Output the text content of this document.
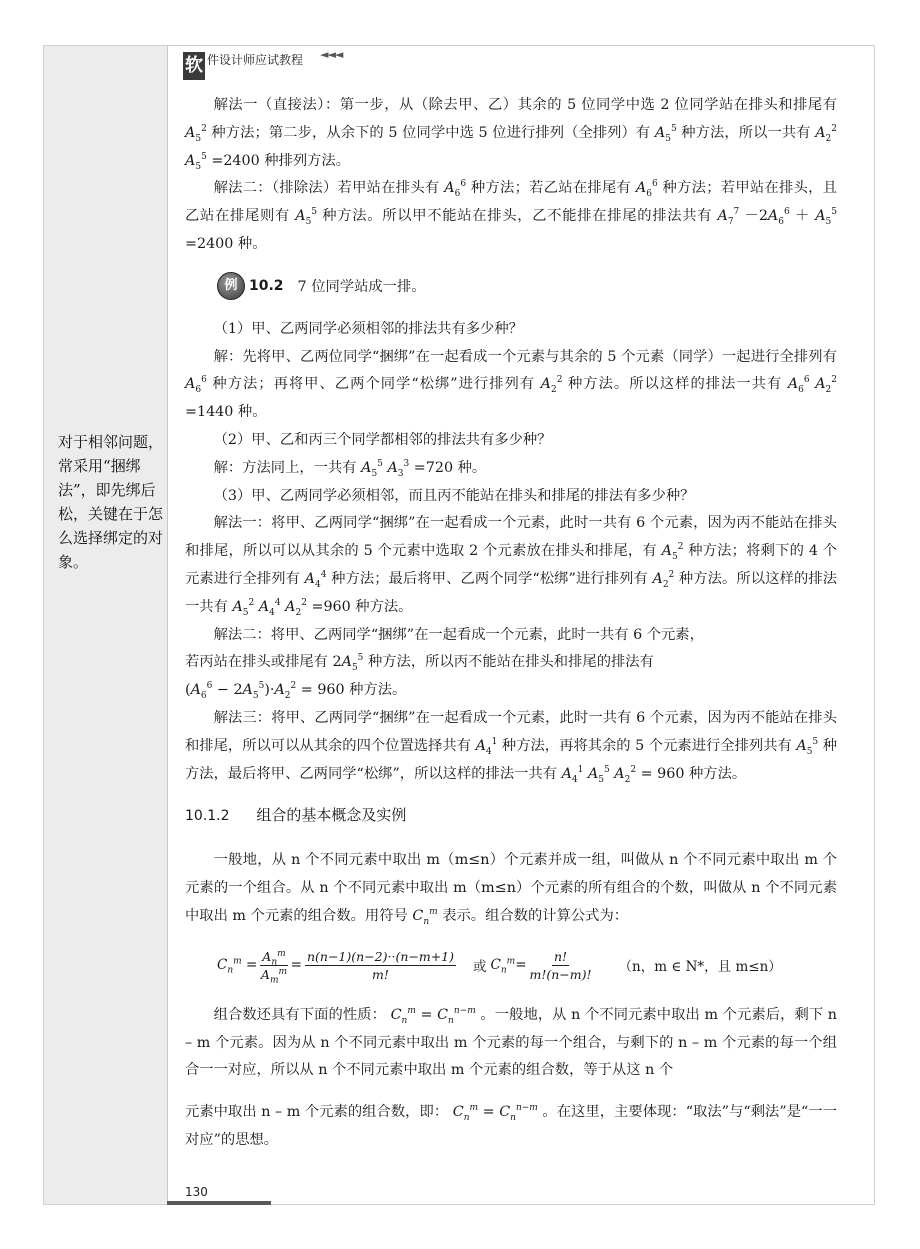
对于相邻问题，常采用“捆绑法”，即先绑后松，关键在于怎么选择绑定的对象。
软 件设计师应试教程 ◄◄◄

解法一（直接法）：第一步，从（除去甲、乙）其余的 5 位同学中选 2 位同学站在排头和排尾有 $A_5^2$ 种方法；第二步，从余下的 5 位同学中选 5 位进行排列（全排列）有 $A_5^5$ 种方法，所以一共有 $A_2^2$ $A_5^5 =2400$ 种排列方法。

解法二：（排除法）若甲站在排头有 $A_6^6$ 种方法；若乙站在排尾有 $A_6^6$ 种方法；若甲站在排头，且乙站在排尾则有 $A_5^5$ 种方法。所以甲不能站在排头，乙不能排在排尾的排法共有 $A_7^7 -2A_6^6 + A_5^5 =2400$ 种。

例 10.2 7 位同学站成一排。

（1）甲、乙两同学必须相邻的排法共有多少种？

解：先将甲、乙两位同学“捆绑”在一起看成一个元素与其余的 5 个元素（同学）一起进行全排列有 $A_6^6$ 种方法；再将甲、乙两个同学“松绑”进行排列有 $A_2^2$ 种方法。所以这样的排法一共有 $A_6^6$ $A_2^2 =1440$ 种。

（2）甲、乙和丙三个同学都相邻的排法共有多少种？

解：方法同上，一共有 $A_5^5$ $A_3^3 =720$ 种。

（3）甲、乙两同学必须相邻，而且丙不能站在排头和排尾的排法有多少种？

解法一：将甲、乙两同学“捆绑”在一起看成一个元素，此时一共有 6 个元素，因为丙不能站在排头和排尾，所以可以从其余的 5 个元素中选取 2 个元素放在排头和排尾，有 $A_5^2$ 种方法；将剩下的 4 个元素进行全排列有 $A_4^4$ 种方法；最后将甲、乙两个同学“松绑”进行排列有 $A_2^2$ 种方法。所以这样的排法一共有 $A_5^2$ $A_4^4$ $A_2^2 =960$ 种方法。

解法二：将甲、乙两同学“捆绑”在一起看成一个元素，此时一共有 6 个元素，
若丙站在排头或排尾有 $2A_5^5$ 种方法，所以丙不能站在排头和排尾的排法有
$(A_6^6 - 2A_5^5)\cdot A_2^2 = 960$ 种方法。

解法三：将甲、乙两同学“捆绑”在一起看成一个元素，此时一共有 6 个元素，因为丙不能站在排头和排尾，所以可以从其余的四个位置选择共有 $A_4^1$ 种方法，再将其余的 5 个元素进行全排列共有 $A_5^5$ 种方法，最后将甲、乙两同学“松绑”，所以这样的排法一共有 $A_4^1$ $A_5^5$ $A_2^2 = 960$ 种方法。

10.1.2 组合的基本概念及实例

一般地，从 n 个不同元素中取出 m（m≤n）个元素并成一组，叫做从 n 个不同元素中取出 m 个元素的一个组合。从 n 个不同元素中取出 m（m≤n）个元素的所有组合的个数，叫做从 n 个不同元素中取出 m 个元素的组合数。用符号 $C_n^m$ 表示。组合数的计算公式为：

$C_n^m = \frac{A_n^m}{A_m^m} = \frac{n(n-1)(n-2)\cdot\cdot(n-m+1)}{m!}$ 或 $C_n^m= \frac{n!}{m!(n-m)!} (n$，m ∈ N*，且 m≤n）

组合数还具有下面的性质： $C_n^m = C_n^{n-m}$ 。一般地，从 n 个不同元素中取出 m 个元素后，剩下 n – m 个元素。因为从 n 个不同元素中取出 m 个元素的每一个组合，与剩下的 n – m 个元素的每一个组合一一对应，所以从 n 个不同元素中取出 m 个元素的组合数，等于从这 n 个

元素中取出 n – m 个元素的组合数，即： $C_n^m = C_n^{n-m}$ 。在这里，主要体现：“取法”与“剩法”是“一一对应”的思想。

130
